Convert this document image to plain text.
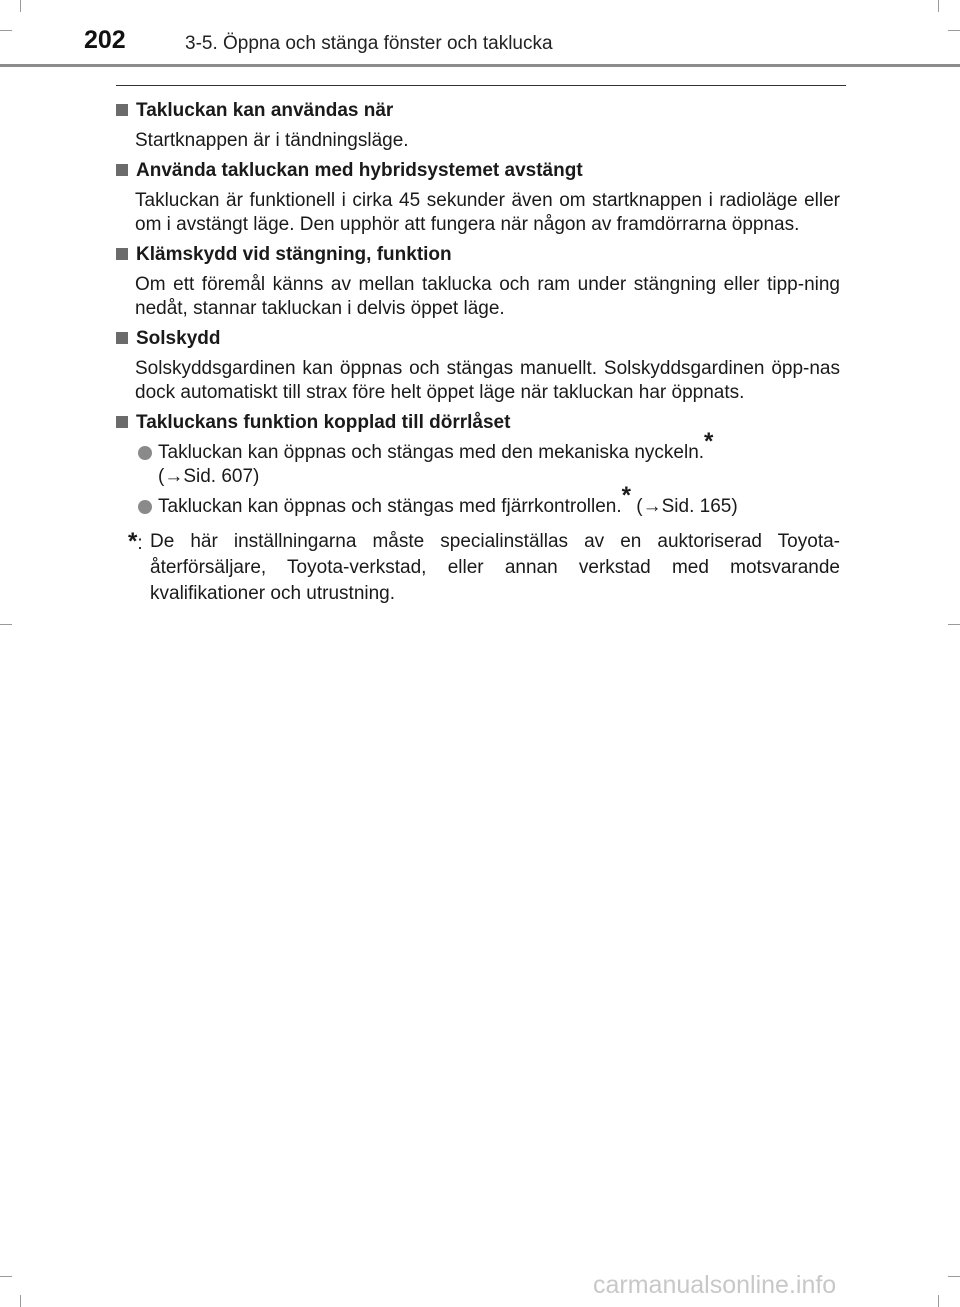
202	3-5. Öppna och stänga fönster och taklucka
Takluckan kan användas när
Startknappen är i tändningsläge.
Använda takluckan med hybridsystemet avstängt
Takluckan är funktionell i cirka 45 sekunder även om startknappen i radioläge eller om i avstängt läge. Den upphör att fungera när någon av framdörrarna öppnas.
Klämskydd vid stängning, funktion
Om ett föremål känns av mellan taklucka och ram under stängning eller tipp-ning nedåt, stannar takluckan i delvis öppet läge.
Solskydd
Solskyddsgardinen kan öppnas och stängas manuellt. Solskyddsgardinen öpp-nas dock automatiskt till strax före helt öppet läge när takluckan har öppnats.
Takluckans funktion kopplad till dörrlåset
Takluckan kan öppnas och stängas med den mekaniska nyckeln.*
(→Sid. 607)
Takluckan kan öppnas och stängas med fjärrkontrollen.* (→Sid. 165)
*: De här inställningarna måste specialinställas av en auktoriserad Toyota-återförsäljare, Toyota-verkstad, eller annan verkstad med motsvarande kvalifikationer och utrustning.
carmanualsonline.info
